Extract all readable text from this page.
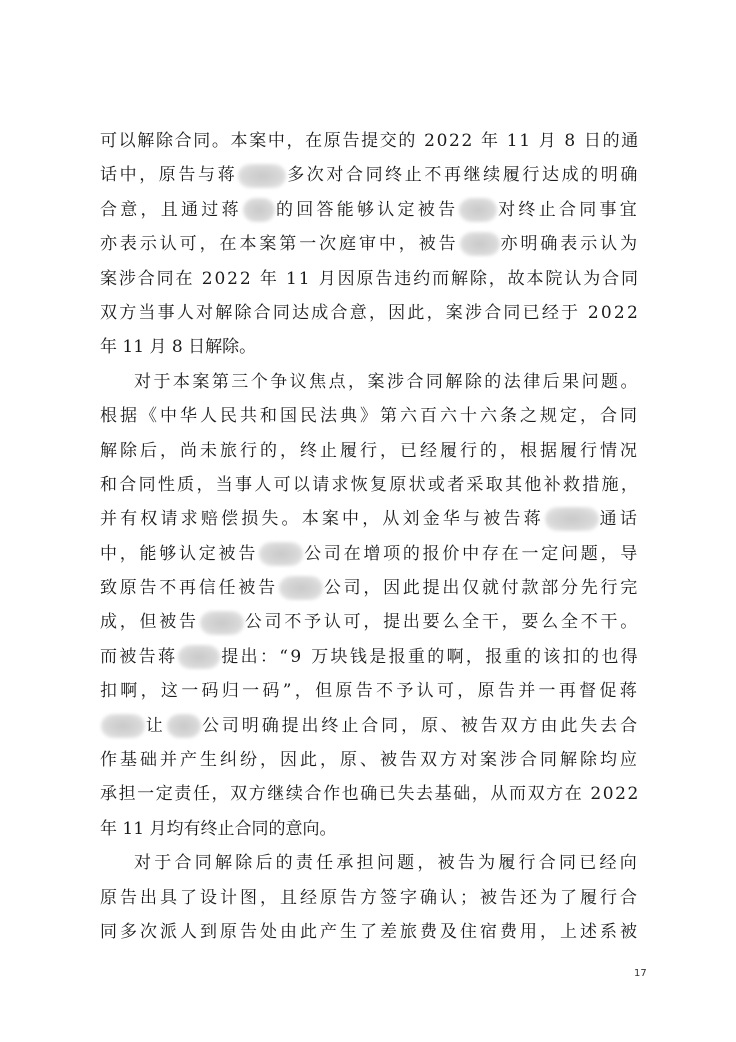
可以解除合同。本案中，在原告提交的 2022 年 11 月 8 日的通
话中，原告与蒋	多次对合同终止不再继续履行达成的明确
合意，且通过蒋 的回答能够认定被告 对终止合同事宜
亦表示认可，在本案第一次庭审中，被告 亦明确表示认为
案涉合同在 2022 年 11 月因原告违约而解除，故本院认为合同
双方当事人对解除合同达成合意，因此，案涉合同已经于 2022
年 11 月 8 日解除。
对于本案第三个争议焦点，案涉合同解除的法律后果问题。
根据《中华人民共和国民法典》第六百六十六条之规定，合同
解除后，尚未旅行的，终止履行，已经履行的，根据履行情况
和合同性质，当事人可以请求恢复原状或者采取其他补救措施，
并有权请求赔偿损失。本案中，从刘金华与被告蒋	通话
中，能够认定被告	公司在增项的报价中存在一定问题，导
致原告不再信任被告	公司，因此提出仅就付款部分先行完
成，但被告	公司不予认可，提出要么全干，要么全不干。
而被告蒋	提出：“9 万块钱是报重的啊，报重的该扣的也得
扣啊，这一码归一码”，但原告不予认可，原告并一再督促蒋
让 公司明确提出终止合同，原、被告双方由此失去合
作基础并产生纠纷，因此，原、被告双方对案涉合同解除均应
承担一定责任，双方继续合作也确已失去基础，从而双方在 2022
年 11 月均有终止合同的意向。
对于合同解除后的责任承担问题，被告为履行合同已经向
原告出具了设计图，且经原告方签字确认；被告还为了履行合
同多次派人到原告处由此产生了差旅费及住宿费用，上述系被
17
